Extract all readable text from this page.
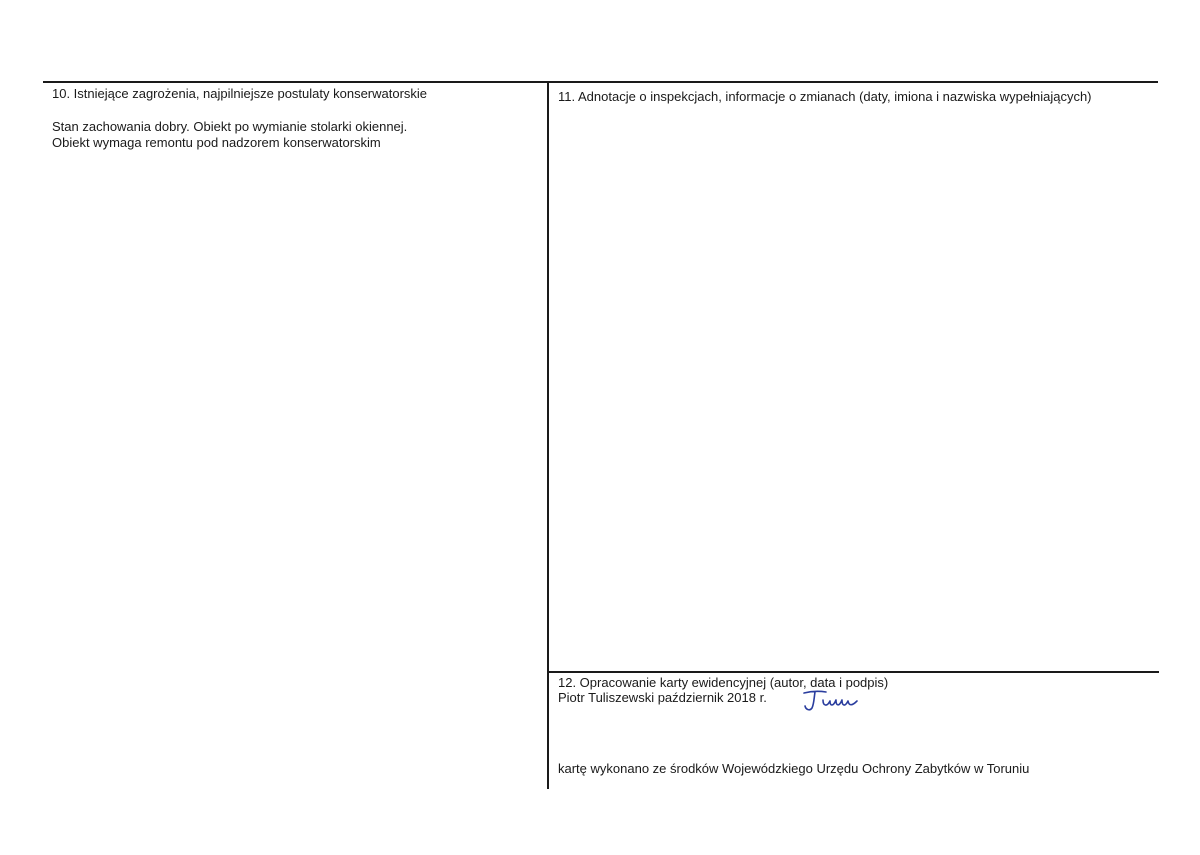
10. Istniejące zagrożenia, najpilniejsze postulaty konserwatorskie
Stan zachowania dobry. Obiekt po wymianie stolarki okiennej.
Obiekt wymaga remontu pod nadzorem konserwatorskim
11. Adnotacje o inspekcjach, informacje o zmianach (daty, imiona i nazwiska wypełniających)
12. Opracowanie karty ewidencyjnej (autor, data i podpis)
Piotr Tuliszewski październik 2018 r.
kartę wykonano ze środków Wojewódzkiego Urzędu Ochrony Zabytków w Toruniu
